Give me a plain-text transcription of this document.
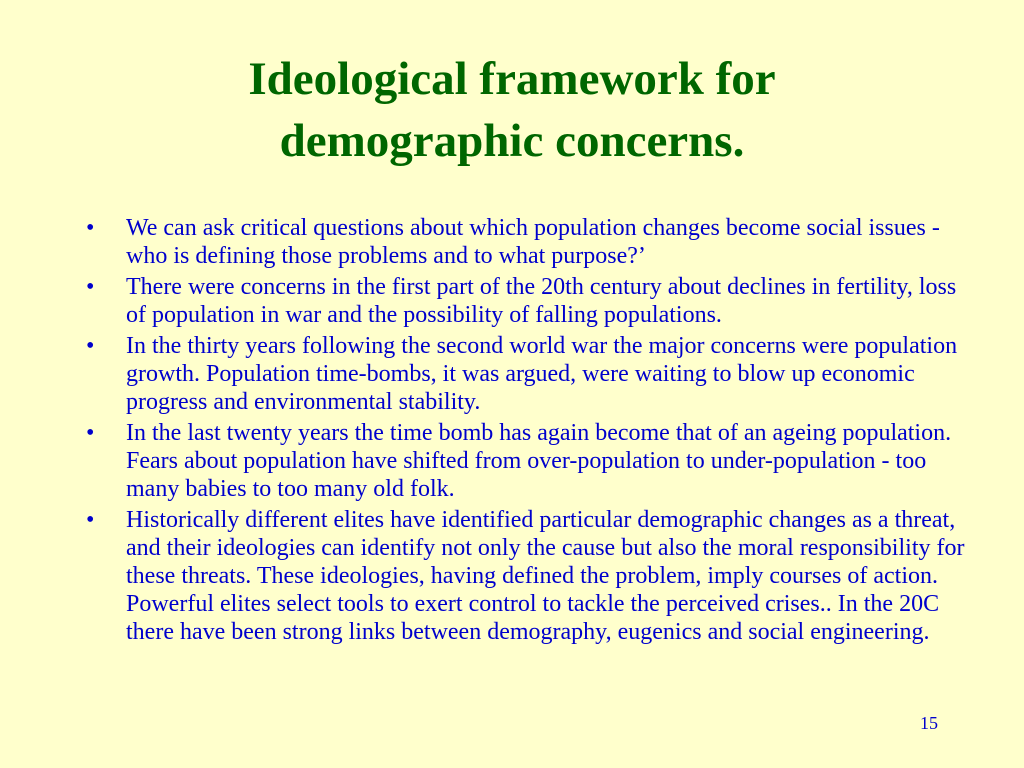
Ideological framework for
demographic concerns.
•	We can ask critical questions about which population changes become social issues - who is defining those problems and to what purpose?’
•	There were concerns in the first part of the 20th century about declines in fertility, loss of population in war and the possibility of falling populations.
•	In the thirty years following the second world war the major concerns were population growth. Population time-bombs, it was argued, were waiting to blow up economic progress and environmental stability.
•	In the last twenty years the time bomb has again become that of an ageing population. Fears about population have shifted from over-population to under-population - too many babies to too many old folk.
•	Historically different elites have identified particular demographic changes as a threat, and their ideologies can identify not only the cause but also the moral responsibility for these threats. These ideologies, having defined the problem, imply courses of action. Powerful elites select tools to exert control to tackle the perceived crises.. In the 20C there have been strong links between demography, eugenics and social engineering.
15
